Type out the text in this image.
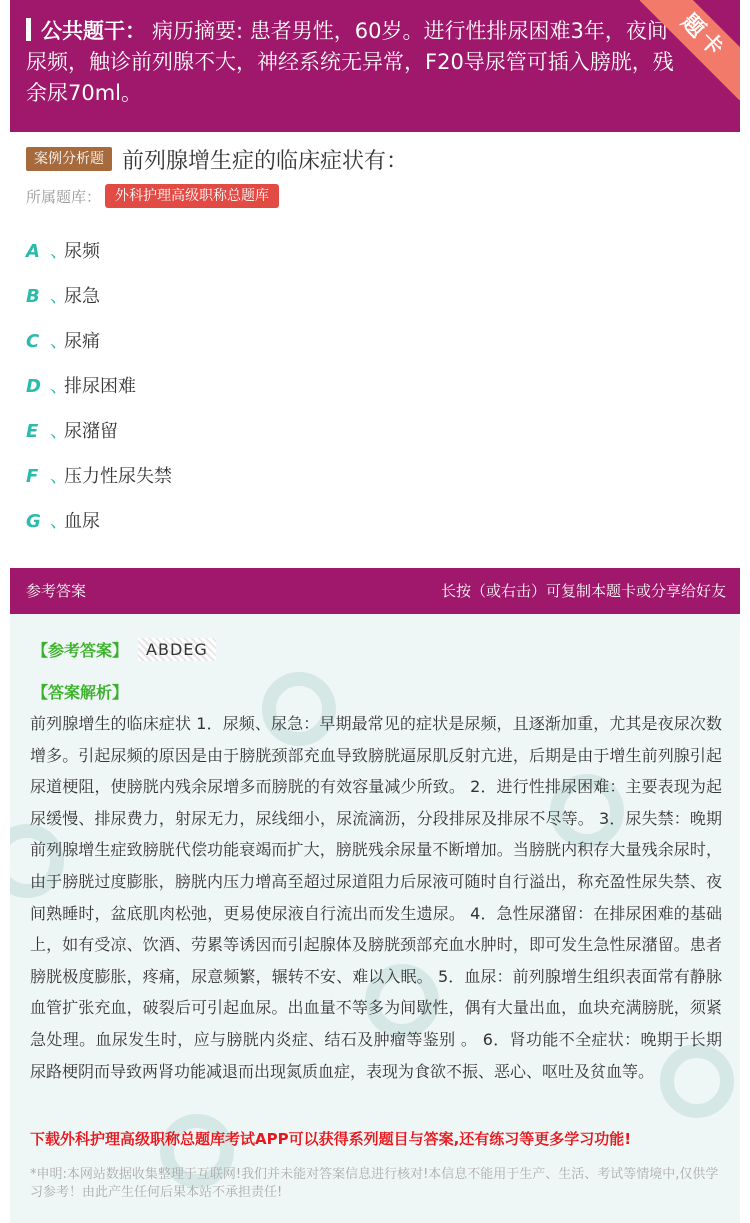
公共题干： 病历摘要: 患者男性，60岁。进行性排尿困难3年，夜间尿频，触诊前列腺不大，神经系统无异常，F20导尿管可插入膀胱，残余尿70ml。
题卡
案例分析题 前列腺增生症的临床症状有：
所属题库：	外科护理高级职称总题库
A 、
尿频
B 、
尿急
C 、
尿痛
D 、
排尿困难
E 、
尿潴留
F 、
压力性尿失禁
G 、
血尿
参考答案	长按（或右击）可复制本题卡或分享给好友
【参考答案】	ABDEG
【答案解析】
前列腺增生的临床症状 1．尿频、尿急：早期最常见的症状是尿频，且逐渐加重，尤其是夜尿次数增多。引起尿频的原因是由于膀胱颈部充血导致膀胱逼尿肌反射亢进，后期是由于增生前列腺引起尿道梗阻，使膀胱内残余尿增多而膀胱的有效容量减少所致。 2．进行性排尿困难：主要表现为起尿缓慢、排尿费力，射尿无力，尿线细小，尿流滴沥，分段排尿及排尿不尽等。 3．尿失禁：晚期前列腺增生症致膀胱代偿功能衰竭而扩大，膀胱残余尿量不断增加。当膀胱内积存大量残余尿时，由于膀胱过度膨胀，膀胱内压力增高至超过尿道阻力后尿液可随时自行溢出，称充盈性尿失禁、夜间熟睡时，盆底肌肉松弛，更易使尿液自行流出而发生遗尿。 4．急性尿潴留：在排尿困难的基础上，如有受凉、饮酒、劳累等诱因而引起腺体及膀胱颈部充血水肿时，即可发生急性尿潴留。患者膀胱极度膨胀，疼痛，尿意频繁，辗转不安、难以入眠。 5．血尿：前列腺增生组织表面常有静脉血管扩张充血，破裂后可引起血尿。出血量不等多为间歇性，偶有大量出血，血块充满膀胱，须紧急处理。血尿发生时，应与膀胱内炎症、结石及肿瘤等鉴别 。 6．肾功能不全症状：晚期于长期尿路梗阴而导致两肾功能减退而出现氮质血症，表现为食欲不振、恶心、呕吐及贫血等。
下载外科护理高级职称总题库考试APP可以获得系列题目与答案,还有练习等更多学习功能!
*申明:本网站数据收集整理于互联网!我们并未能对答案信息进行核对!本信息不能用于生产、生活、考试等情境中,仅供学习参考！由此产生任何后果本站不承担责任!
